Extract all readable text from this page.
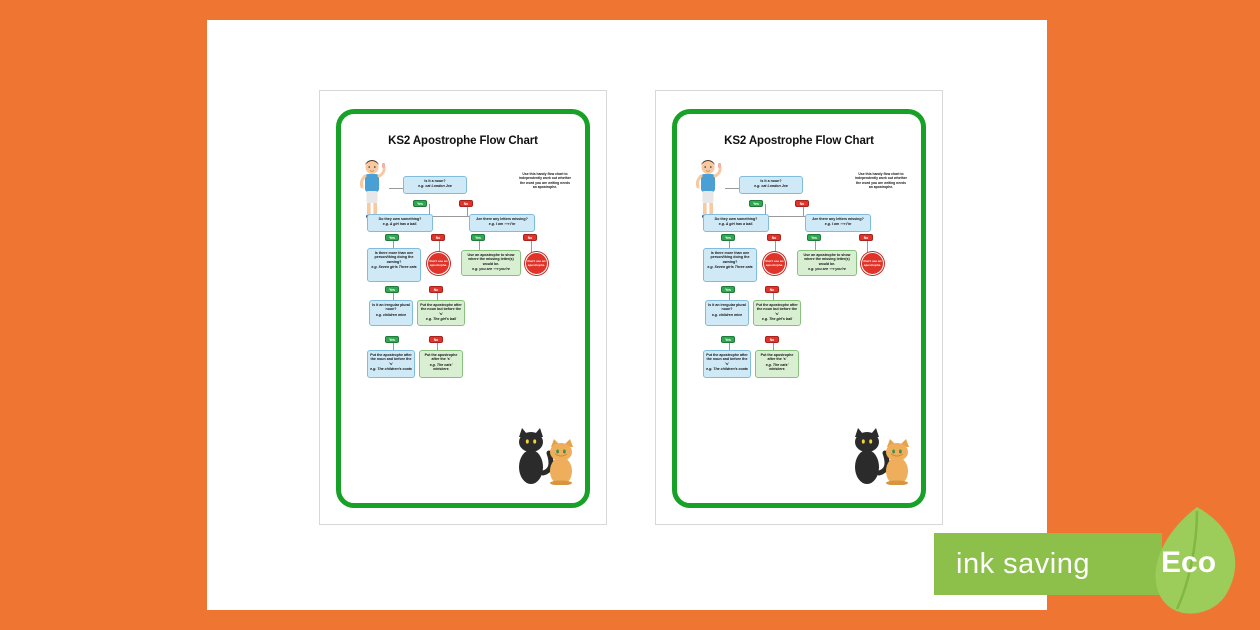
KS2 Apostrophe Flow Chart
Is it a noun?
e.g. cat London Joe
Yes	No
Use this handy flow chart to independently work out whether the word you are writing needs an apostrophe.
Do they own something?
e.g. A girl has a ball.
Are there any letters missing?
e.g. I am ⟶ I'm
Yes	No	Yes	No
Is there more than one person/thing doing the owning?
e.g. Seven girls Three cats
Don't use an apostrophe.
Use an apostrophe to show where the missing letter(s) would be.
e.g. you are ⟶ you're
Don't use an apostrophe.
Yes	No
Is it an irregular plural noun?
e.g. children mice
Put the apostrophe after the noun but before the 's'
e.g. The girl's ball
Yes	No
Put the apostrophe after the noun and before the 's'
e.g. The children's coats
Put the apostrophe after the 's'
e.g. The cats' whiskers
KS2 Apostrophe Flow Chart
Is it a noun?
e.g. cat London Joe
Yes	No
Use this handy flow chart to independently work out whether the word you are writing needs an apostrophe.
Do they own something?
e.g. A girl has a ball.
Are there any letters missing?
e.g. I am ⟶ I'm
Yes	No	Yes	No
Is there more than one person/thing doing the owning?
e.g. Seven girls Three cats
Don't use an apostrophe.
Use an apostrophe to show where the missing letter(s) would be.
e.g. you are ⟶ you're
Don't use an apostrophe.
Yes	No
Is it an irregular plural noun?
e.g. children mice
Put the apostrophe after the noun but before the 's'
e.g. The girl's ball
Yes	No
Put the apostrophe after the noun and before the 's'
e.g. The children's coats
Put the apostrophe after the 's'
e.g. The cats' whiskers
ink saving Eco
